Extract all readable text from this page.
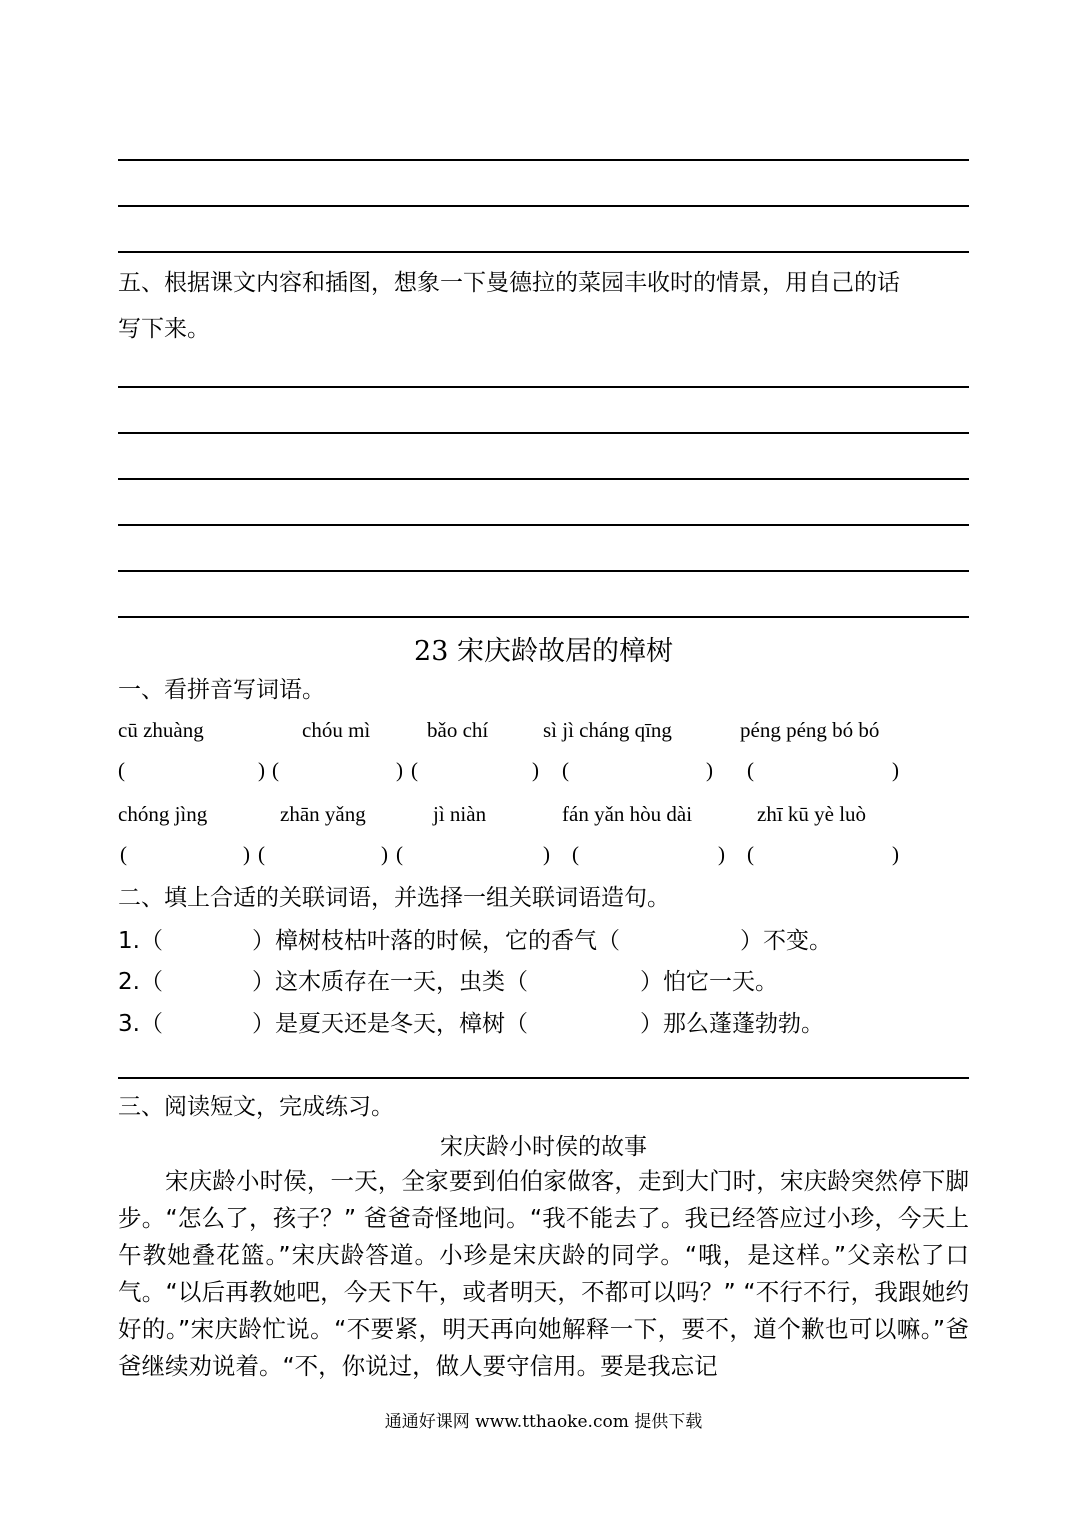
五、根据课文内容和插图，想象一下曼德拉的菜园丰收时的情景，用自己的话
写下来。
23 宋庆龄故居的樟树
一、看拼音写词语。
cū zhuàng	chóu mì	bǎo chí	sì jì cháng qīng	péng péng bó bó
(	) (	) (	) (	) (	)
chóng jìng	zhān yǎng	jì niàn	fán yǎn hòu dài	zhī kū yè luò
(	) (	) (	) (	) (	)
二、填上合适的关联词语，并选择一组关联词语造句。
1.（	）樟树枝枯叶落的时候，它的香气（	）不变。
2.（	）这木质存在一天，虫类（	）怕它一天。
3.（	）是夏天还是冬天，樟树（	）那么蓬蓬勃勃。
三、阅读短文，完成练习。
宋庆龄小时侯的故事

宋庆龄小时侯，一天，全家要到伯伯家做客，走到大门时，宋庆龄突然停下脚步。“怎么了，孩子？” 爸爸奇怪地问。“我不能去了。我已经答应过小珍，今天上午教她叠花篮。”宋庆龄答道。小珍是宋庆龄的同学。“哦，是这样。”父亲松了口气。“以后再教她吧，今天下午，或者明天，不都可以吗？” “不行不行，我跟她约好的。”宋庆龄忙说。“不要紧，明天再向她解释一下，要不，道个歉也可以嘛。”爸爸继续劝说着。“不，你说过，做人要守信用。要是我忘记

通通好课网 www.tthaoke.com 提供下载
